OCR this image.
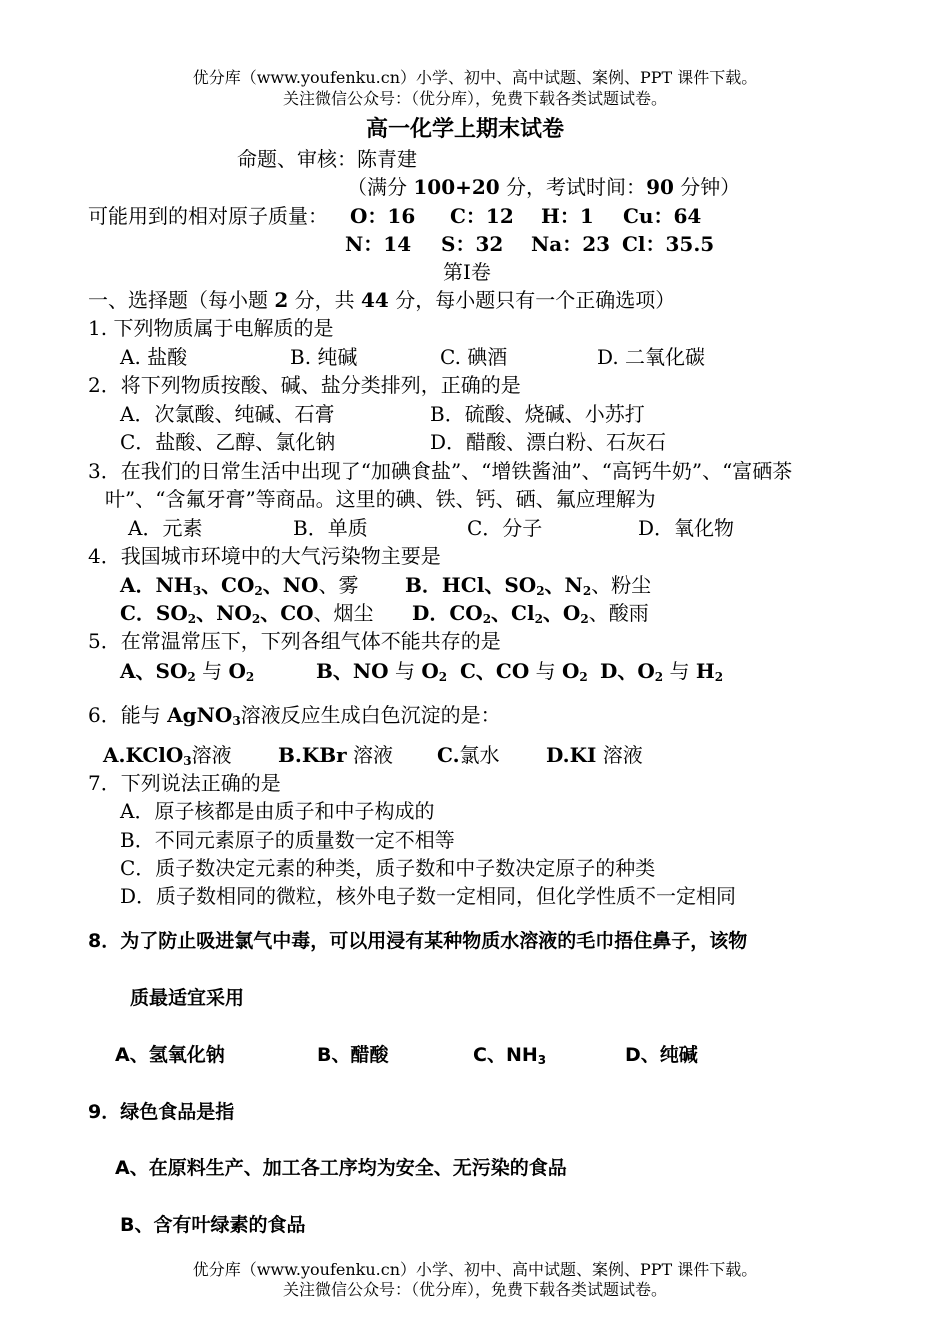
优分库（www.youfenku.cn）小学、初中、高中试题、案例、PPT 课件下载。
关注微信公众号：（优分库），免费下载各类试题试卷。
高一化学上期末试卷
命题、审核：陈青建
（满分 100+20 分，考试时间：90 分钟）
可能用到的相对原子质量： O：16 C：12 H：1 Cu：64
N：14 S：32 Na：23 Cl：35.5
第Ⅰ卷
一、选择题（每小题 2 分，共 44 分，每小题只有一个正确选项）
1. 下列物质属于电解质的是
A. 盐酸	B. 纯碱	C. 碘酒	D. 二氧化碳
2．将下列物质按酸、碱、盐分类排列，正确的是
A．次氯酸、纯碱、石膏	B．硫酸、烧碱、小苏打
C．盐酸、乙醇、氯化钠	D．醋酸、漂白粉、石灰石
3．在我们的日常生活中出现了“加碘食盐”、“增铁酱油”、“高钙牛奶”、“富硒茶
叶”、“含氟牙膏”等商品。这里的碘、铁、钙、硒、氟应理解为
A．元素	B．单质	C．分子	D．氧化物
4．我国城市环境中的大气污染物主要是
A．$NH_3$、$CO_2$、NO、雾 B．HCl、$SO_2$、$N_2$、粉尘
C．$SO_2$、$NO_2$、CO、烟尘 D．$CO_2$、$Cl_2$、$O_2$、酸雨
5．在常温常压下，下列各组气体不能共存的是
A、$SO_2$ 与 $O_2$	B、NO 与 $O_2$ C、CO 与 $O_2$ D、$O_2$ 与 $H_2$
6．能与 AgNO$_3$溶液反应生成白色沉淀的是：
A.KClO$_3$溶液 B.KBr 溶液 C.氯水 D.KI 溶液
7．下列说法正确的是
A．原子核都是由质子和中子构成的
B．不同元素原子的质量数一定不相等
C．质子数决定元素的种类，质子数和中子数决定原子的种类
D．质子数相同的微粒，核外电子数一定相同，但化学性质不一定相同
8．为了防止吸进氯气中毒，可以用浸有某种物质水溶液的毛巾捂住鼻子，该物
质最适宜采用
A、氢氧化钠	B、醋酸	C、$NH_3$	D、纯碱
9．绿色食品是指
A、在原料生产、加工各工序均为安全、无污染的食品
B、含有叶绿素的食品
优分库（www.youfenku.cn）小学、初中、高中试题、案例、PPT 课件下载。
关注微信公众号：（优分库），免费下载各类试题试卷。
